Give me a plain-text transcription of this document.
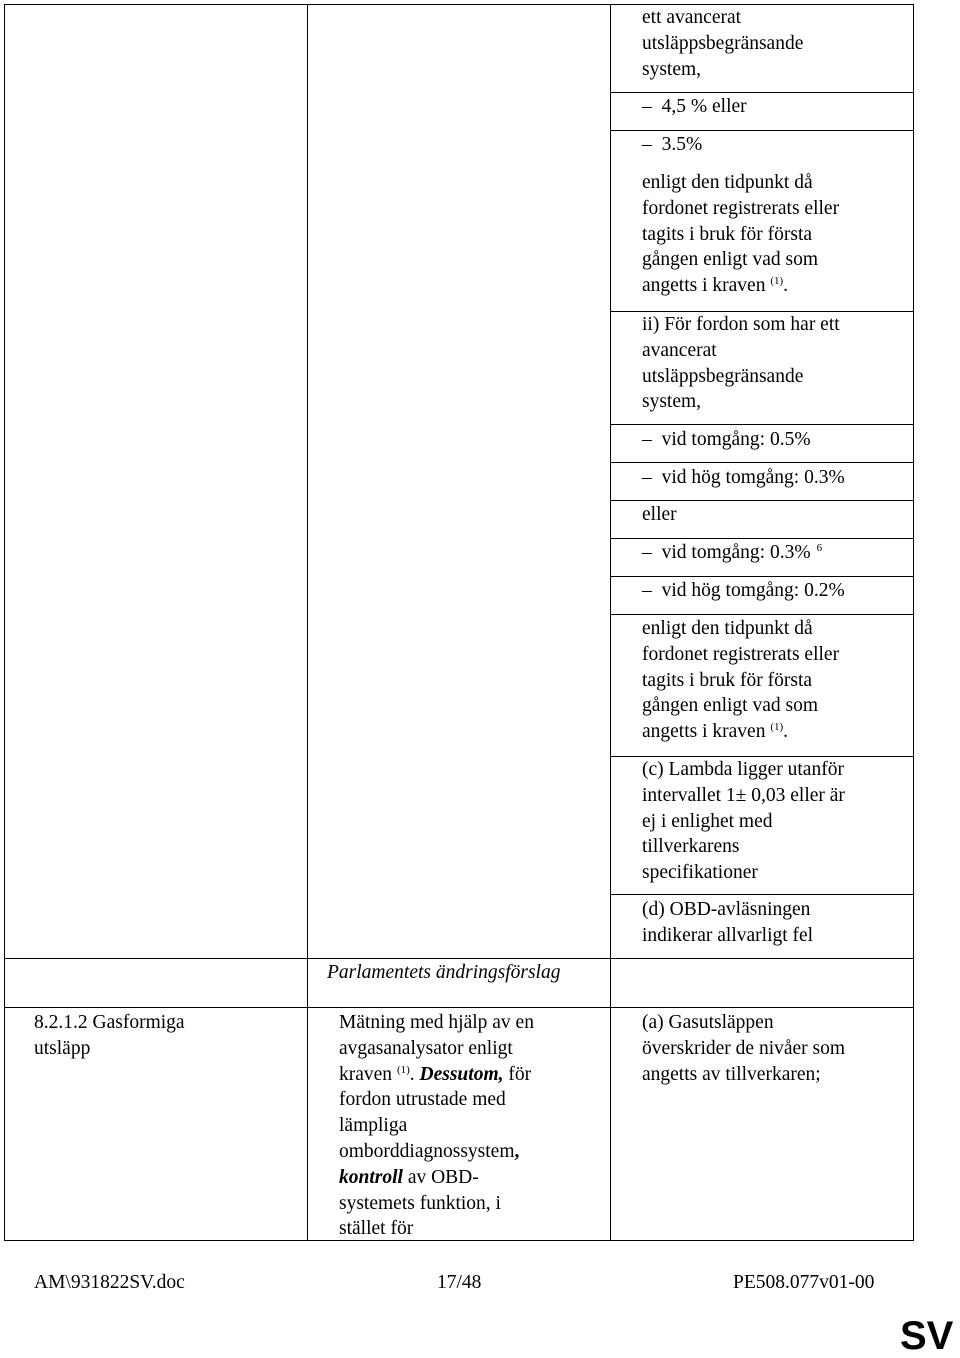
ett avancerat
utsläppsbegränsande
system,
– 4,5 % eller
– 3.5%
enligt den tidpunkt då
fordonet registrerats eller
tagits i bruk för första
gången enligt vad som
angetts i kraven $^{(1)}$.
ii) För fordon som har ett
avancerat
utsläppsbegränsande
system,
– vid tomgång: 0.5%
– vid hög tomgång: 0.3%
eller
– vid tomgång: 0.3% $^6$
– vid hög tomgång: 0.2%
enligt den tidpunkt då
fordonet registrerats eller
tagits i bruk för första
gången enligt vad som
angetts i kraven $^{(1)}$.
(c) Lambda ligger utanför
intervallet 1± 0,03 eller är
ej i enlighet med
tillverkarens
specifikationer
(d) OBD-avläsningen
indikerar allvarligt fel
Parlamentets ändringsförslag
8.2.1.2 Gasformiga
utsläpp
Mätning med hjälp av en
avgasanalysator enligt
kraven $^{(1)}$. Dessutom, för
fordon utrustade med
lämpliga
omborddiagnossystem,
kontroll av OBD-
systemets funktion, i
stället för
(a) Gasutsläppen
överskrider de nivåer som
angetts av tillverkaren;
AM\931822SV.doc	17/48	PE508.077v01-00
SV
